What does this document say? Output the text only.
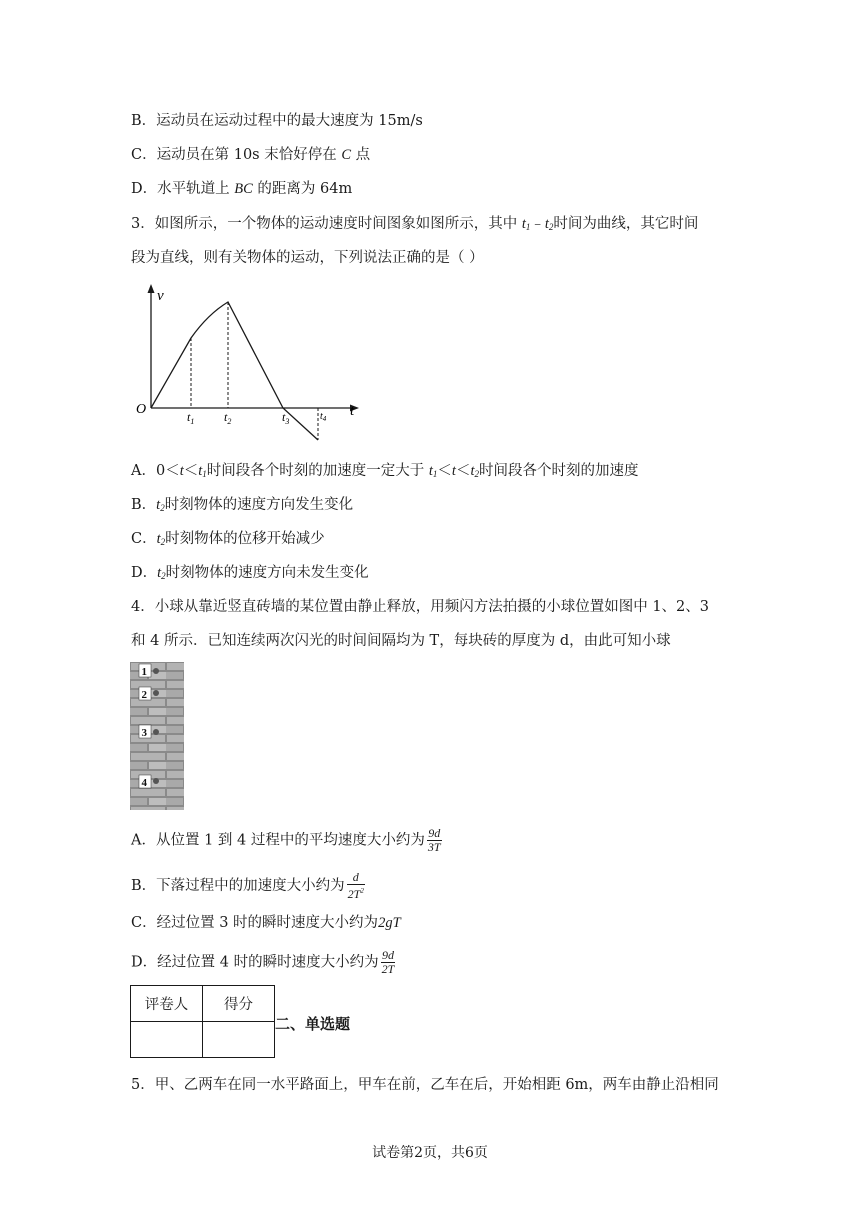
B．运动员在运动过程中的最大速度为 15m/s
C．运动员在第 10s 末恰好停在 C 点
D．水平轨道上 BC 的距离为 64m
3．如图所示，一个物体的运动速度时间图象如图所示，其中 $t_1﹣t_2$时间为曲线，其它时间
段为直线，则有关物体的运动，下列说法正确的是（ ）
v
t
O	$t_1$ $t_2$	$t_3$	$t_4$
A．$0<t<t_1$时间段各个时刻的加速度一定大于 $t_1<t<t_2$时间段各个时刻的加速度
B．$t_2$时刻物体的速度方向发生变化
C．$t_2$时刻物体的位移开始减少
D．$t_2$时刻物体的速度方向未发生变化
4．小球从靠近竖直砖墙的某位置由静止释放，用频闪方法拍摄的小球位置如图中 1、2、3
和 4 所示．已知连续两次闪光的时间间隔均为 T，每块砖的厚度为 d，由此可知小球
1
2
3
4
A．从位置 1 到 4 过程中的平均速度大小约为 $\frac{9d}{3T}$
B．下落过程中的加速度大小约为 $\frac{d}{2T^2}$
C．经过位置 3 时的瞬时速度大小约为2gT
D．经过位置 4 时的瞬时速度大小约为 $\frac{9d}{2T}$
评卷人	得分

二、单选题
5．甲、乙两车在同一水平路面上，甲车在前，乙车在后，开始相距 6m，两车由静止沿相同
试卷第2页，共6页
